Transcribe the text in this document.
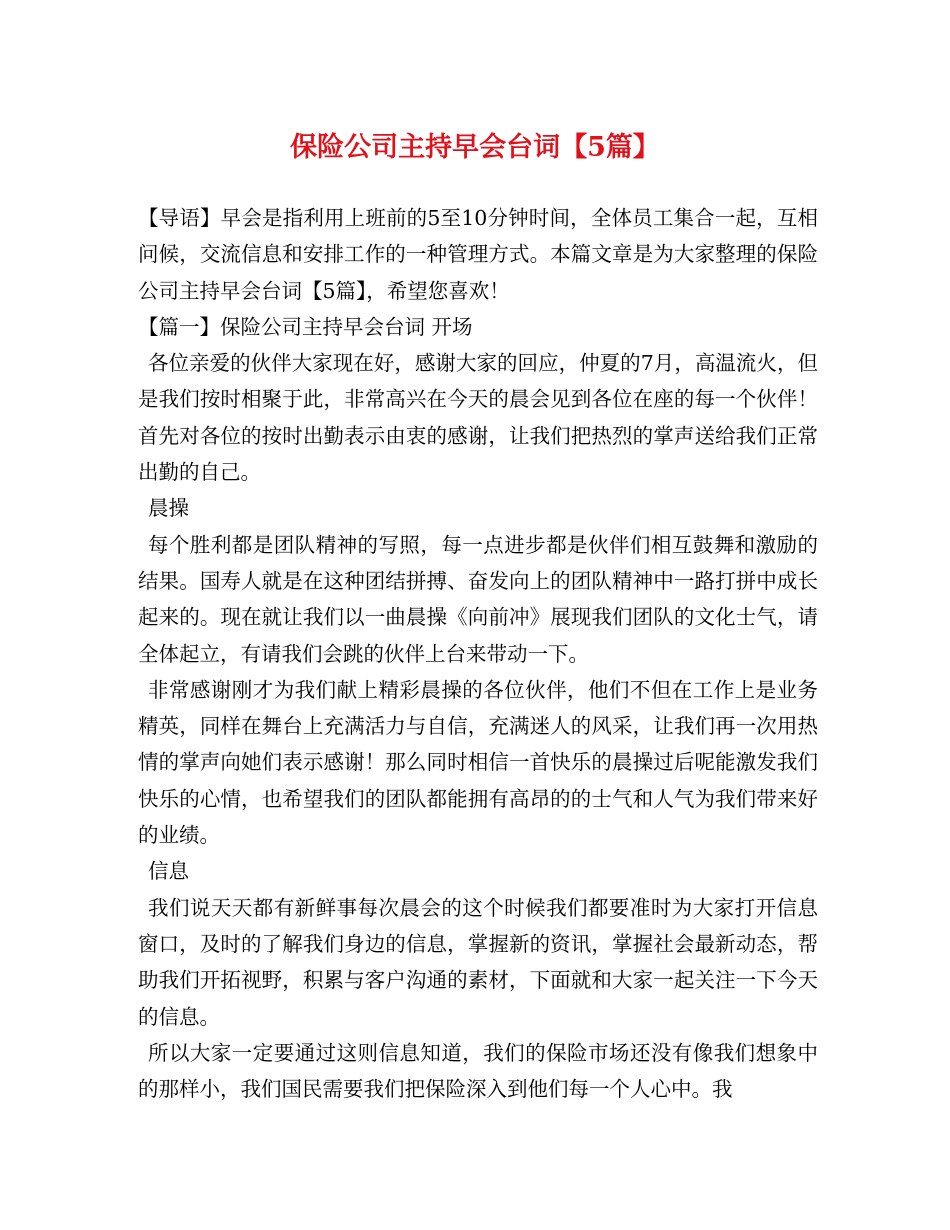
保险公司主持早会台词【5篇】

【导语】早会是指利用上班前的5至10分钟时间，全体员工集合一起，互相问候，交流信息和安排工作的一种管理方式。本篇文章是为大家整理的保险公司主持早会台词【5篇】，希望您喜欢！

【篇一】保险公司主持早会台词 开场

各位亲爱的伙伴大家现在好，感谢大家的回应，仲夏的7月，高温流火，但是我们按时相聚于此，非常高兴在今天的晨会见到各位在座的每一个伙伴！首先对各位的按时出勤表示由衷的感谢，让我们把热烈的掌声送给我们正常出勤的自己。

晨操

每个胜利都是团队精神的写照，每一点进步都是伙伴们相互鼓舞和激励的结果。国寿人就是在这种团结拼搏、奋发向上的团队精神中一路打拼中成长起来的。现在就让我们以一曲晨操《向前冲》展现我们团队的文化士气，请全体起立，有请我们会跳的伙伴上台来带动一下。

非常感谢刚才为我们献上精彩晨操的各位伙伴，他们不但在工作上是业务精英，同样在舞台上充满活力与自信，充满迷人的风采，让我们再一次用热情的掌声向她们表示感谢！那么同时相信一首快乐的晨操过后呢能激发我们快乐的心情，也希望我们的团队都能拥有高昂的的士气和人气为我们带来好的业绩。

信息

我们说天天都有新鲜事每次晨会的这个时候我们都要准时为大家打开信息窗口，及时的了解我们身边的信息，掌握新的资讯，掌握社会最新动态，帮助我们开拓视野，积累与客户沟通的素材，下面就和大家一起关注一下今天的信息。

所以大家一定要通过这则信息知道，我们的保险市场还没有像我们想象中的那样小，我们国民需要我们把保险深入到他们每一个人心中。我
